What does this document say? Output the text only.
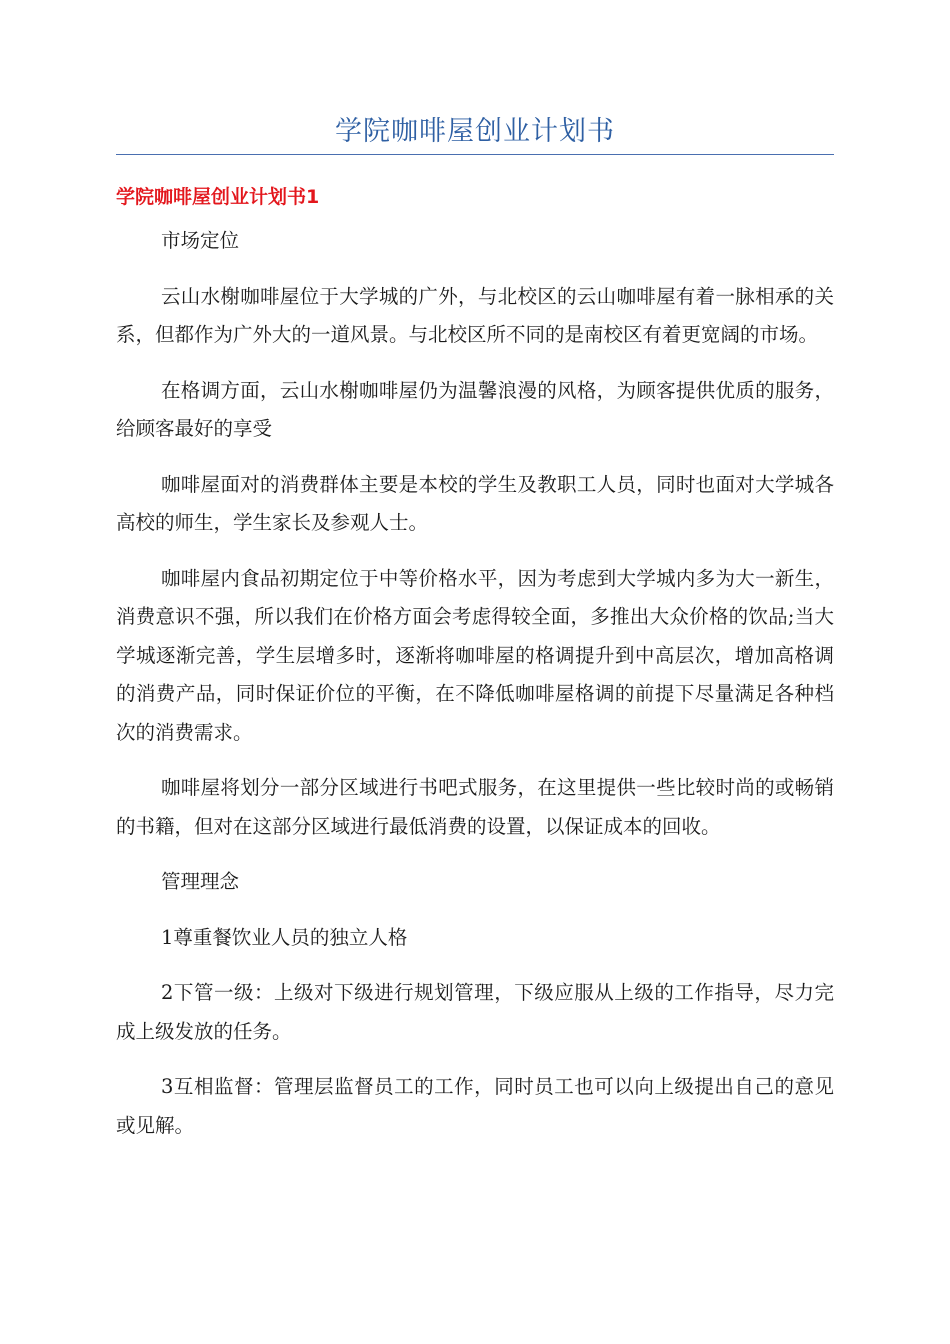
学院咖啡屋创业计划书
学院咖啡屋创业计划书1

市场定位

云山水榭咖啡屋位于大学城的广外，与北校区的云山咖啡屋有着一脉相承的关系，但都作为广外大的一道风景。与北校区所不同的是南校区有着更宽阔的市场。

在格调方面，云山水榭咖啡屋仍为温馨浪漫的风格，为顾客提供优质的服务，给顾客最好的享受

咖啡屋面对的消费群体主要是本校的学生及教职工人员，同时也面对大学城各高校的师生，学生家长及参观人士。

咖啡屋内食品初期定位于中等价格水平，因为考虑到大学城内多为大一新生，消费意识不强，所以我们在价格方面会考虑得较全面，多推出大众价格的饮品;当大学城逐渐完善，学生层增多时，逐渐将咖啡屋的格调提升到中高层次，增加高格调的消费产品，同时保证价位的平衡，在不降低咖啡屋格调的前提下尽量满足各种档次的消费需求。

咖啡屋将划分一部分区域进行书吧式服务，在这里提供一些比较时尚的或畅销的书籍，但对在这部分区域进行最低消费的设置，以保证成本的回收。

管理理念

1尊重餐饮业人员的独立人格

2下管一级：上级对下级进行规划管理，下级应服从上级的工作指导，尽力完成上级发放的任务。

3互相监督：管理层监督员工的工作，同时员工也可以向上级提出自己的意见或见解。
